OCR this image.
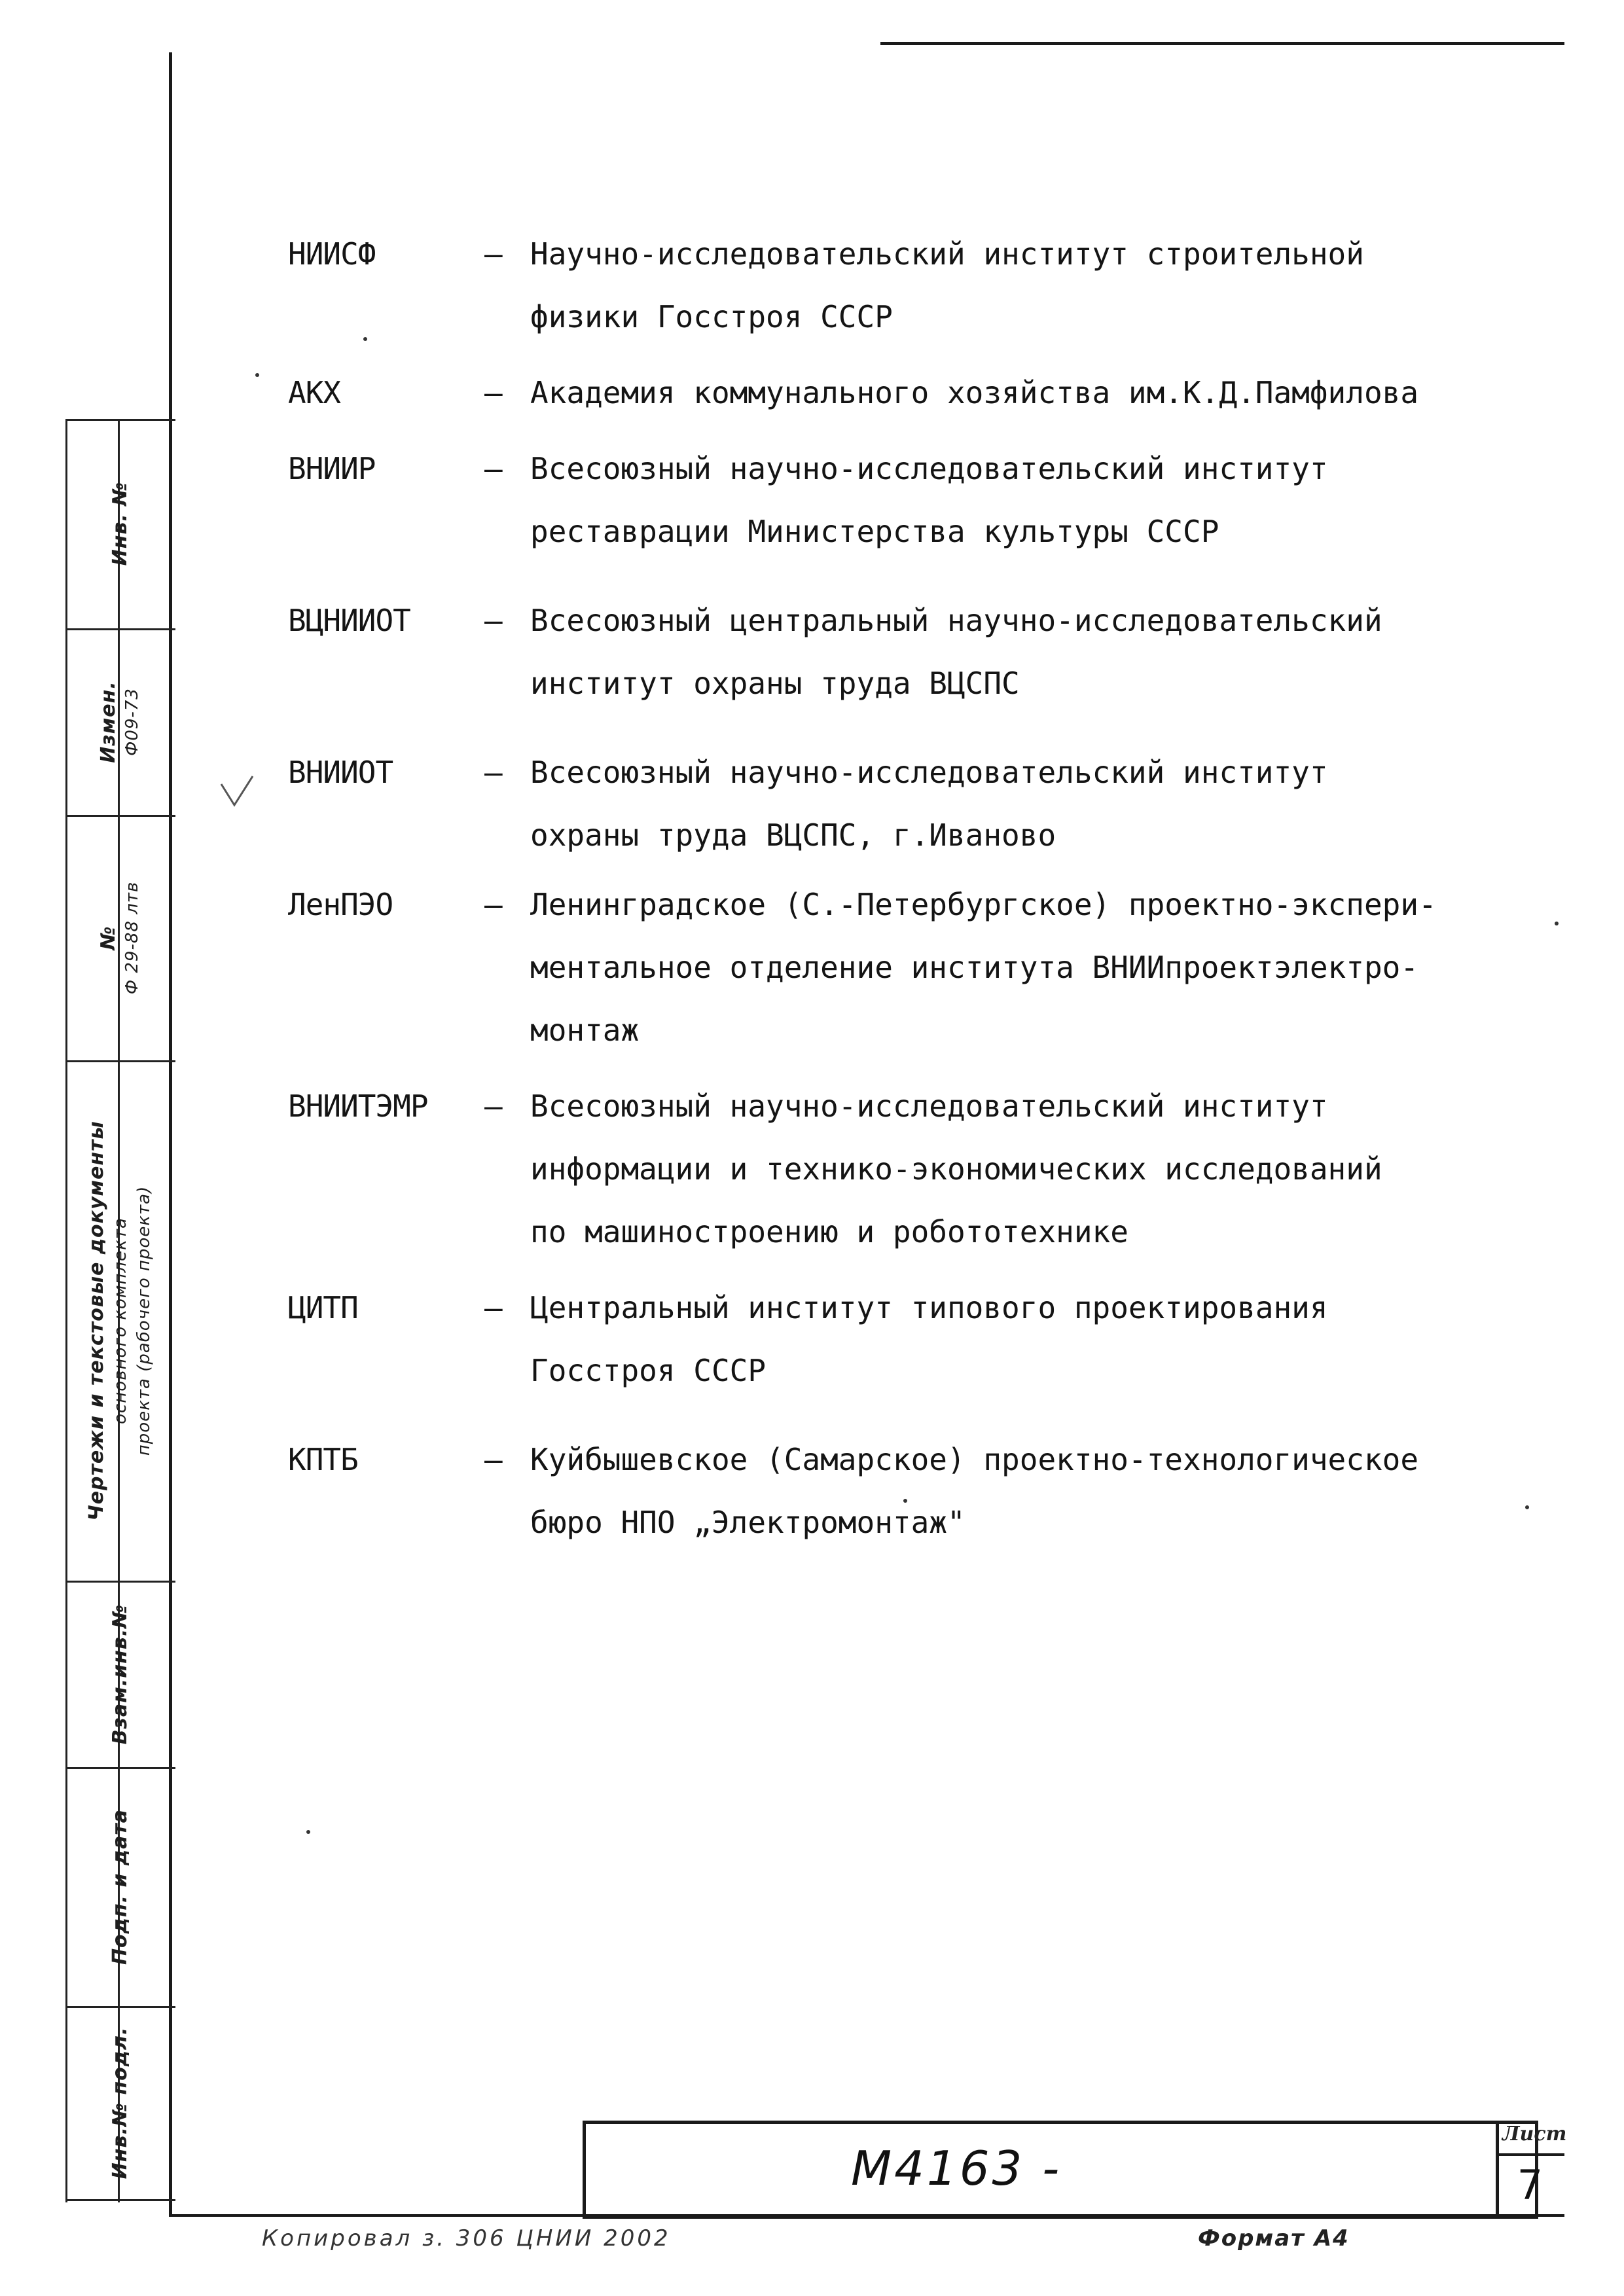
Инв. №
Измен. Ф09-73
№ Ф 29-88 лтв
Чертежи и текстовые документы основного комплекта проекта (рабочего проекта)
Взам.инв.№
Подп. и дата
Инв.№ подл.
НИИСФ	– Научно-исследовательский институт строительной
физики Госстроя СССР
АКХ	– Академия коммунального хозяйства им.К.Д.Памфилова
ВНИИР	– Всесоюзный научно-исследовательский институт
реставрации Министерства культуры СССР
ВЦНИИОТ	– Всесоюзный центральный научно-исследовательский
институт охраны труда ВЦСПС
ВНИИОТ	– Всесоюзный научно-исследовательский институт
охраны труда ВЦСПС, г.Иваново
ЛенПЭО	– Ленинградское (С.-Петербургское) проектно-экспери-
ментальное отделение института ВНИИпроектэлектро-
монтаж
ВНИИТЭМР	– Всесоюзный научно-исследовательский институт
информации и технико-экономических исследований
по машиностроению и робототехнике
ЦИТП	– Центральный институт типового проектирования
Госстроя СССР
КПТБ	– Куйбышевское (Самарское) проектно-технологическое
бюро НПО „Электромонтаж"
М4163 -
Лист
7
Копировал з. 306 ЦНИИ 2002	Формат А4
